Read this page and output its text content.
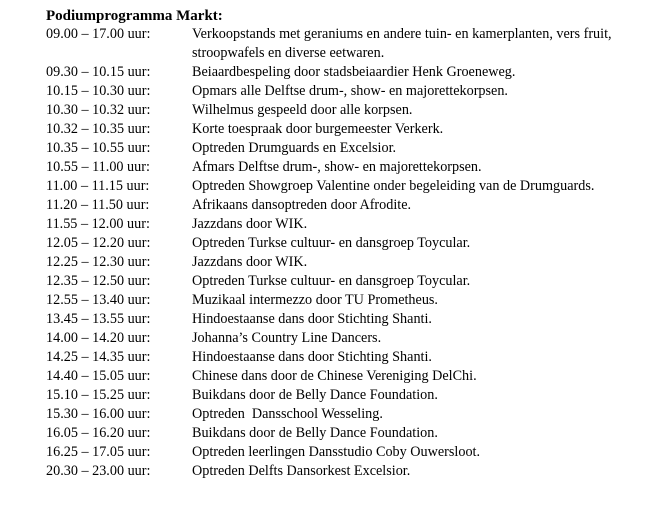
Podiumprogramma Markt:
09.00 – 17.00 uur:	Verkoopstands met geraniums en andere tuin- en kamerplanten, vers fruit, stroopwafels en diverse eetwaren.
09.30 – 10.15 uur:	Beiaardbespeling door stadsbeiaardier Henk Groeneweg.
10.15 – 10.30 uur:	Opmars alle Delftse drum-, show- en majorettekorpsen.
10.30 – 10.32 uur:	Wilhelmus gespeeld door alle korpsen.
10.32 – 10.35 uur:	Korte toespraak door burgemeester Verkerk.
10.35 – 10.55 uur:	Optreden Drumguards en Excelsior.
10.55 – 11.00 uur:	Afmars Delftse drum-, show- en majorettekorpsen.
11.00 – 11.15 uur:	Optreden Showgroep Valentine onder begeleiding van de Drumguards.
11.20 – 11.50 uur:	Afrikaans dansoptreden door Afrodite.
11.55 – 12.00 uur:	Jazzdans door WIK.
12.05 – 12.20 uur:	Optreden Turkse cultuur- en dansgroep Toycular.
12.25 – 12.30 uur:	Jazzdans door WIK.
12.35 – 12.50 uur:	Optreden Turkse cultuur- en dansgroep Toycular.
12.55 – 13.40 uur:	Muzikaal intermezzo door TU Prometheus.
13.45 – 13.55 uur:	Hindoestaanse dans door Stichting Shanti.
14.00 – 14.20 uur:	Johanna’s Country Line Dancers.
14.25 – 14.35 uur:	Hindoestaanse dans door Stichting Shanti.
14.40 – 15.05 uur:	Chinese dans door de Chinese Vereniging DelChi.
15.10 – 15.25 uur:	Buikdans door de Belly Dance Foundation.
15.30 – 16.00 uur:	Optreden  Dansschool Wesseling.
16.05 – 16.20 uur:	Buikdans door de Belly Dance Foundation.
16.25 – 17.05 uur:	Optreden leerlingen Dansstudio Coby Ouwersloot.
20.30 – 23.00 uur:	Optreden Delfts Dansorkest Excelsior.
